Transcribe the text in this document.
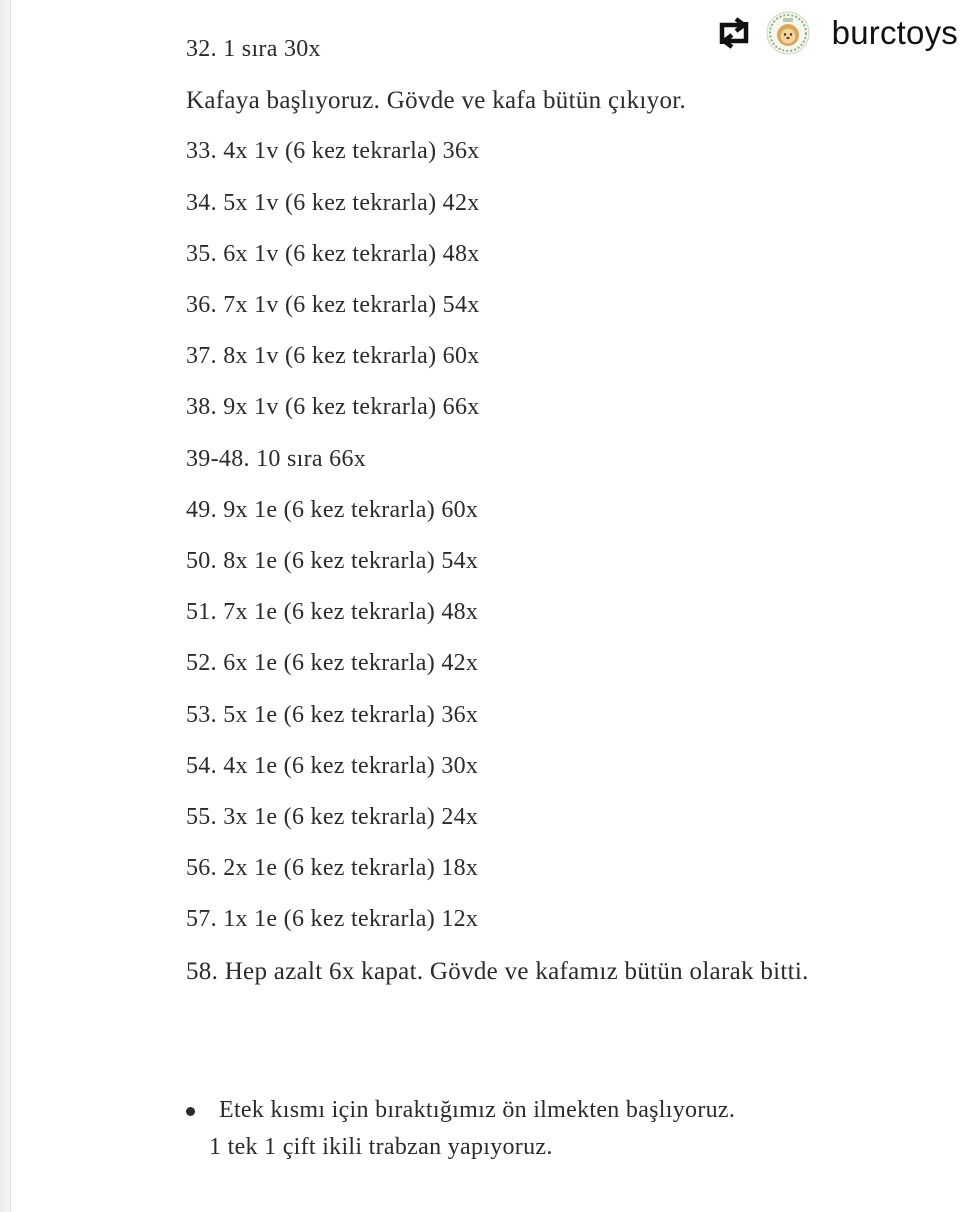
burctoys
32. 1 sıra 30x
Kafaya başlıyoruz. Gövde ve kafa bütün çıkıyor.
33. 4x 1v (6 kez tekrarla) 36x
34. 5x 1v (6 kez tekrarla) 42x
35. 6x 1v (6 kez tekrarla) 48x
36. 7x 1v (6 kez tekrarla) 54x
37. 8x 1v (6 kez tekrarla) 60x
38. 9x 1v (6 kez tekrarla) 66x
39-48. 10 sıra 66x
49. 9x 1e (6 kez tekrarla) 60x
50. 8x 1e (6 kez tekrarla) 54x
51. 7x 1e (6 kez tekrarla) 48x
52. 6x 1e (6 kez tekrarla) 42x
53. 5x 1e (6 kez tekrarla) 36x
54. 4x 1e (6 kez tekrarla) 30x
55. 3x 1e (6 kez tekrarla) 24x
56. 2x 1e (6 kez tekrarla) 18x
57. 1x 1e (6 kez tekrarla) 12x
58. Hep azalt 6x kapat. Gövde ve kafamız bütün olarak bitti.
Etek kısmı için bıraktığımız ön ilmekten başlıyoruz.
1 tek 1 çift ikili trabzan yapıyoruz.
